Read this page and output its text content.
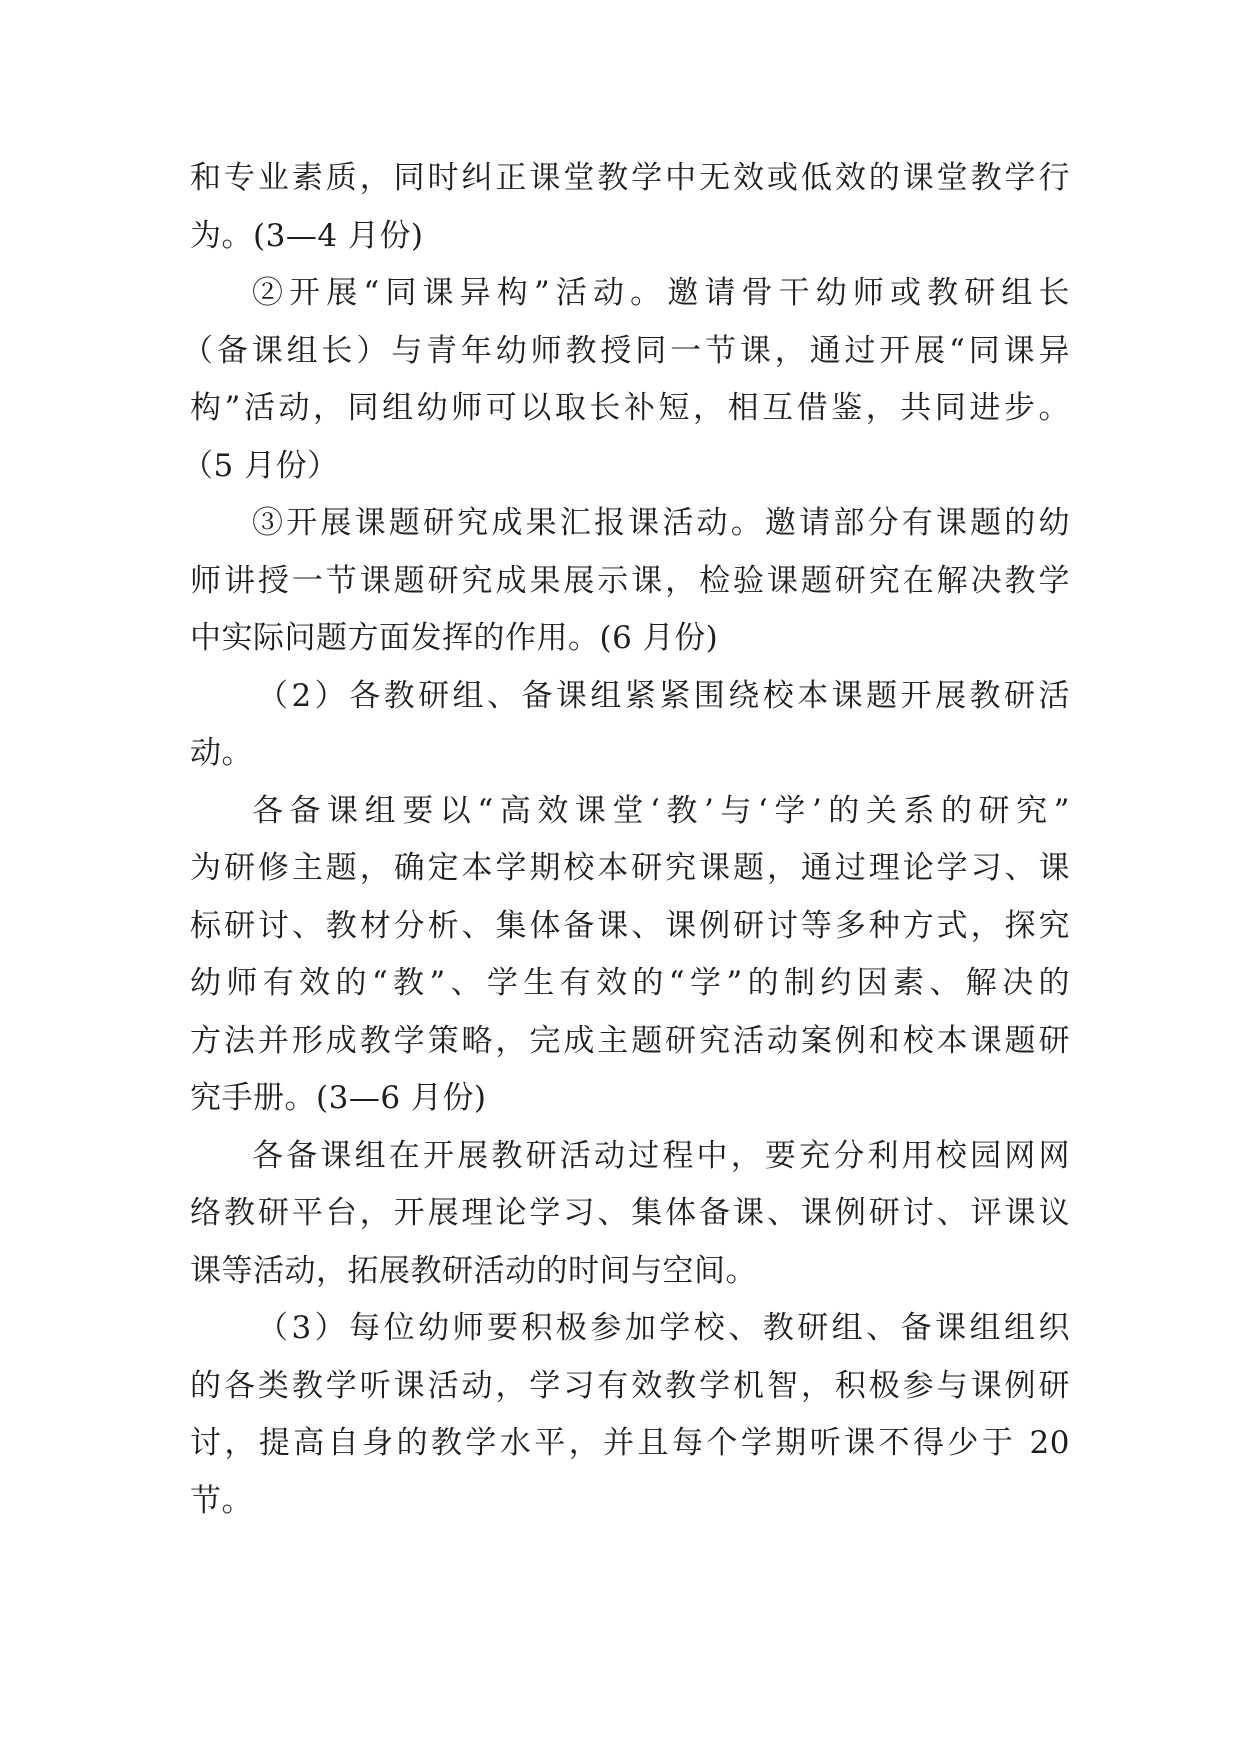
和专业素质，同时纠正课堂教学中无效或低效的课堂教学行
为。(3—4 月份)
②开展“同课异构”活动。邀请骨干幼师或教研组长
（备课组长）与青年幼师教授同一节课，通过开展“同课异
构”活动，同组幼师可以取长补短，相互借鉴，共同进步。
（5 月份）
③开展课题研究成果汇报课活动。邀请部分有课题的幼
师讲授一节课题研究成果展示课，检验课题研究在解决教学
中实际问题方面发挥的作用。(6 月份)
（2）各教研组、备课组紧紧围绕校本课题开展教研活
动。
各备课组要以“高效课堂‘教’与‘学’的关系的研究”
为研修主题，确定本学期校本研究课题，通过理论学习、课
标研讨、教材分析、集体备课、课例研讨等多种方式，探究
幼师有效的“教”、学生有效的“学”的制约因素、解决的
方法并形成教学策略，完成主题研究活动案例和校本课题研
究手册。(3—6 月份)
各备课组在开展教研活动过程中，要充分利用校园网网
络教研平台，开展理论学习、集体备课、课例研讨、评课议
课等活动，拓展教研活动的时间与空间。
（3）每位幼师要积极参加学校、教研组、备课组组织
的各类教学听课活动，学习有效教学机智，积极参与课例研
讨，提高自身的教学水平，并且每个学期听课不得少于 20
节。
